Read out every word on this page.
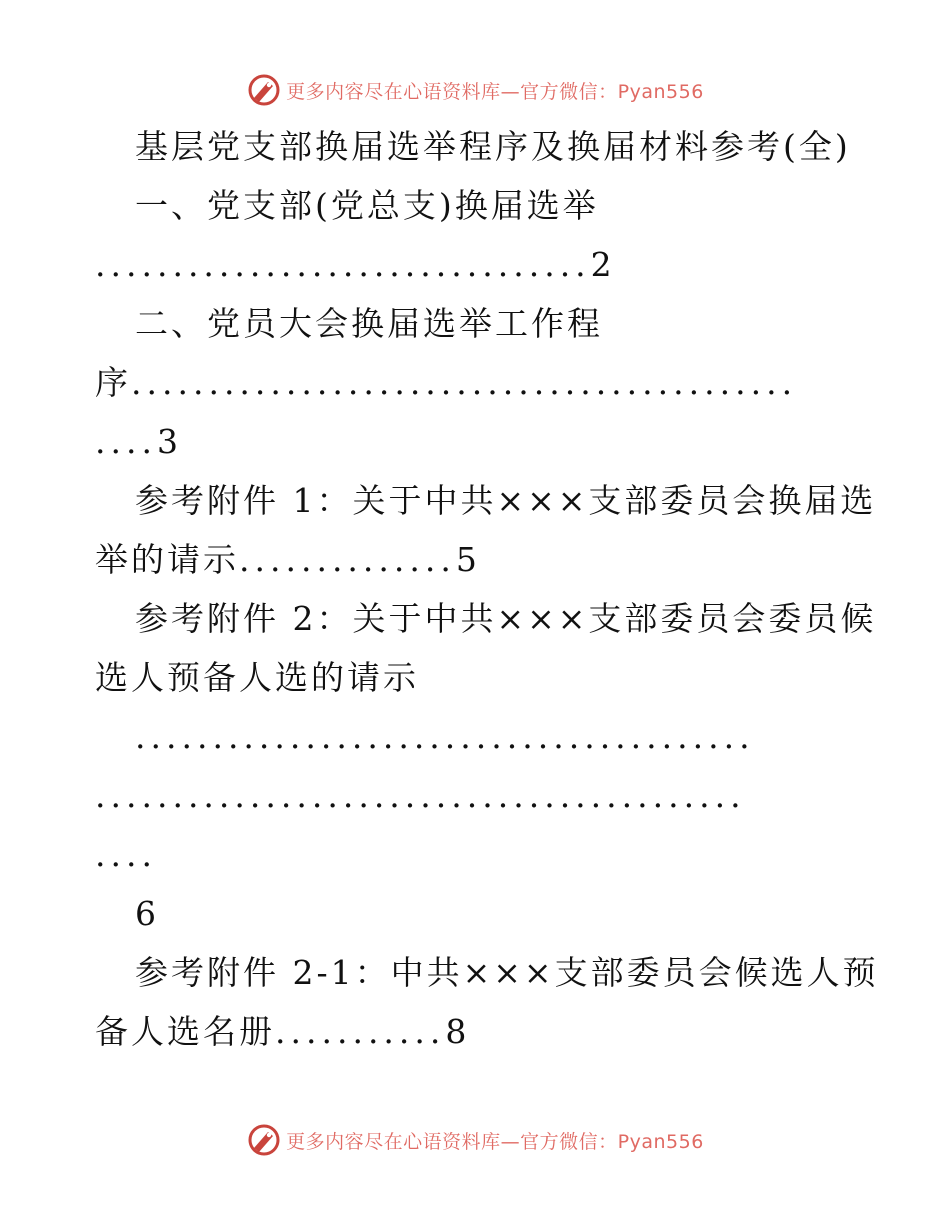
更多内容尽在心语资料库—官方微信：Pyan556
基层党支部换届选举程序及换届材料参考(全)
一、党支部(党总支)换届选举
................................2
二、党员大会换届选举工作程
序...........................................
....3
参考附件 1：关于中共×××支部委员会换届选
举的请示..............5
参考附件 2：关于中共×××支部委员会委员候
选人预备人选的请示
........................................
..........................................
....
6
参考附件 2-1：中共×××支部委员会候选人预
备人选名册...........8
更多内容尽在心语资料库—官方微信：Pyan556
